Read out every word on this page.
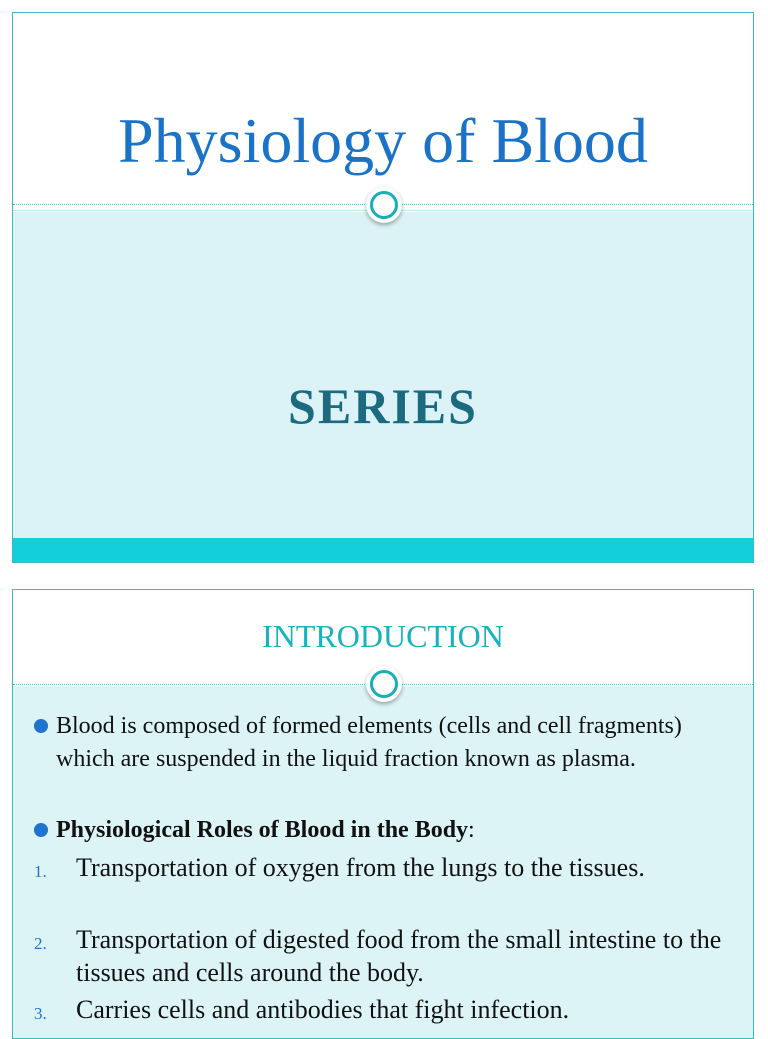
Physiology of Blood
SERIES
INTRODUCTION
Blood is composed of formed elements (cells and cell fragments) which are suspended in the liquid fraction known as plasma.
Physiological Roles of Blood in the Body:
1. Transportation of oxygen from the lungs to the tissues.
2. Transportation of digested food from the small intestine to the tissues and cells around the body.
3. Carries cells and antibodies that fight infection.
